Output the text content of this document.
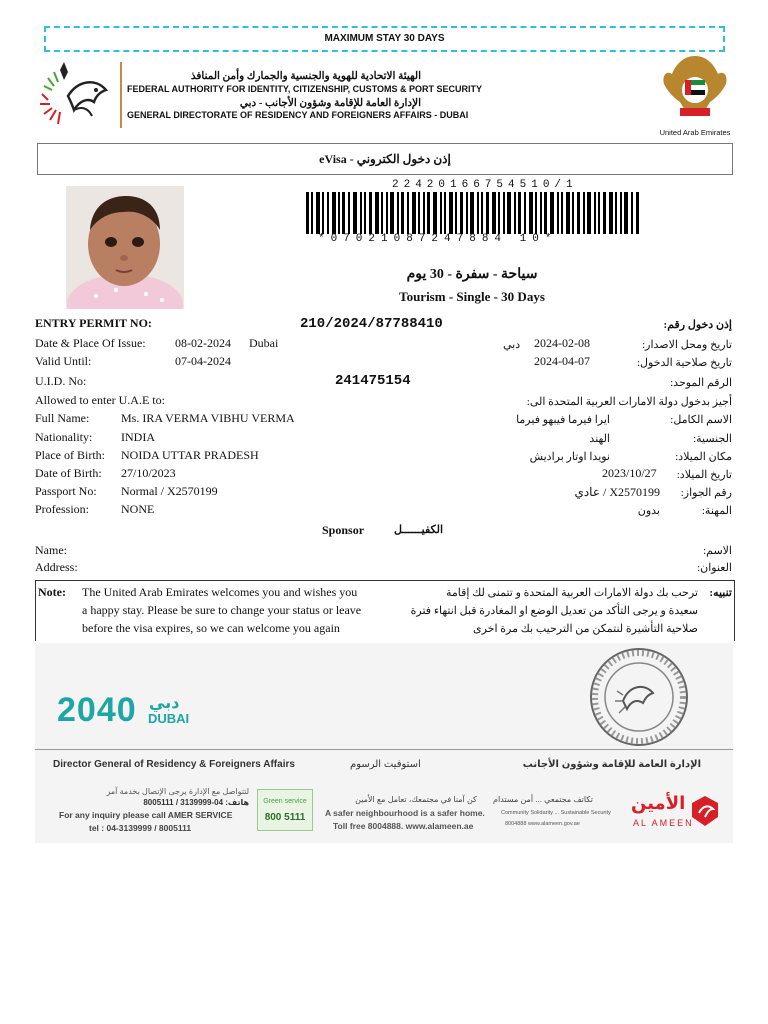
MAXIMUM STAY 30 DAYS
الهيئة الاتحادية للهوية والجنسية والجمارك وأمن المنافذ
FEDERAL AUTHORITY FOR IDENTITY, CITIZENSHIP, CUSTOMS & PORT SECURITY
الإدارة العامة للإقامة وشؤون الأجانب - دبي
GENERAL DIRECTORATE OF RESIDENCY AND FOREIGNERS AFFAIRS - DUBAI
United Arab Emirates
eVisa - إذن دخول الكتروني
22420166754510/1
*07021087247884 10*
سياحة - سفرة - 30 يوم
Tourism - Single - 30 Days
ENTRY PERMIT NO:	210/2024/87788410	إذن دخول رقم:
Date & Place Of Issue: 08-02-2024 Dubai	دبي 2024-02-08	تاريخ ومحل الاصدار:
Valid Until:	07-04-2024	2024-04-07	تاريخ صلاحية الدخول:
U.I.D. No:	241475154	الرقم الموحد:
Allowed to enter U.A.E to:	أجيز بدخول دولة الامارات العربية المتحدة الى:
Full Name:	Ms. IRA VERMA VIBHU VERMA	ايرا فيرما فيبهو فيرما	الاسم الكامل:
Nationality: INDIA	الهند	الجنسية:
Place of Birth: NOIDA UTTAR PRADESH	نويدا اوتار براديش	مكان الميلاد:
Date of Birth: 27/10/2023	2023/10/27 تاريخ الميلاد:
Passport No: Normal / X2570199	X2570199 / عادي رقم الجواز:
Profession:	NONE	بدون	المهنة:
Sponsor	الكفيــــــل
Name:	الاسم:
Address:	العنوان:
Note: The United Arab Emirates welcomes you and wishes you
a happy stay. Please be sure to change your status or leave
before the visa expires, so we can welcome you again
تنبيه:
ترحب بك دولة الامارات العربية المتحدة و تتمنى لك إقامة
سعيدة و يرجى التأكد من تعديل الوضع او المغادرة قبل انتهاء فترة
صلاحية التأشيرة لنتمكن من الترحيب بك مرة اخرى
2040 دبي
DUBAI
Director General of Residency & Foreigners Affairs	استوفيت الرسوم	الإدارة العامة للإقامة وشؤون الأجانب
لتتواصل مع الإدارة يرجى الإتصال بخدمة آمر
هاتف: 04-3139999 / 8005111
For any inquiry please call AMER SERVICE
tel : 04-3139999 / 8005111
Green service
800 5111
كن آمنا في مجتمعك، تعامل مع الأمين
A safer neighbourhood is a safer home.
Toll free 8004888. www.alameen.ae
تكاتف مجتمعي ... أمن مستدام
Community Solidarity ... Sustainable Security
8004888 www.alameen.gov.ae
الأمين
AL AMEEN
